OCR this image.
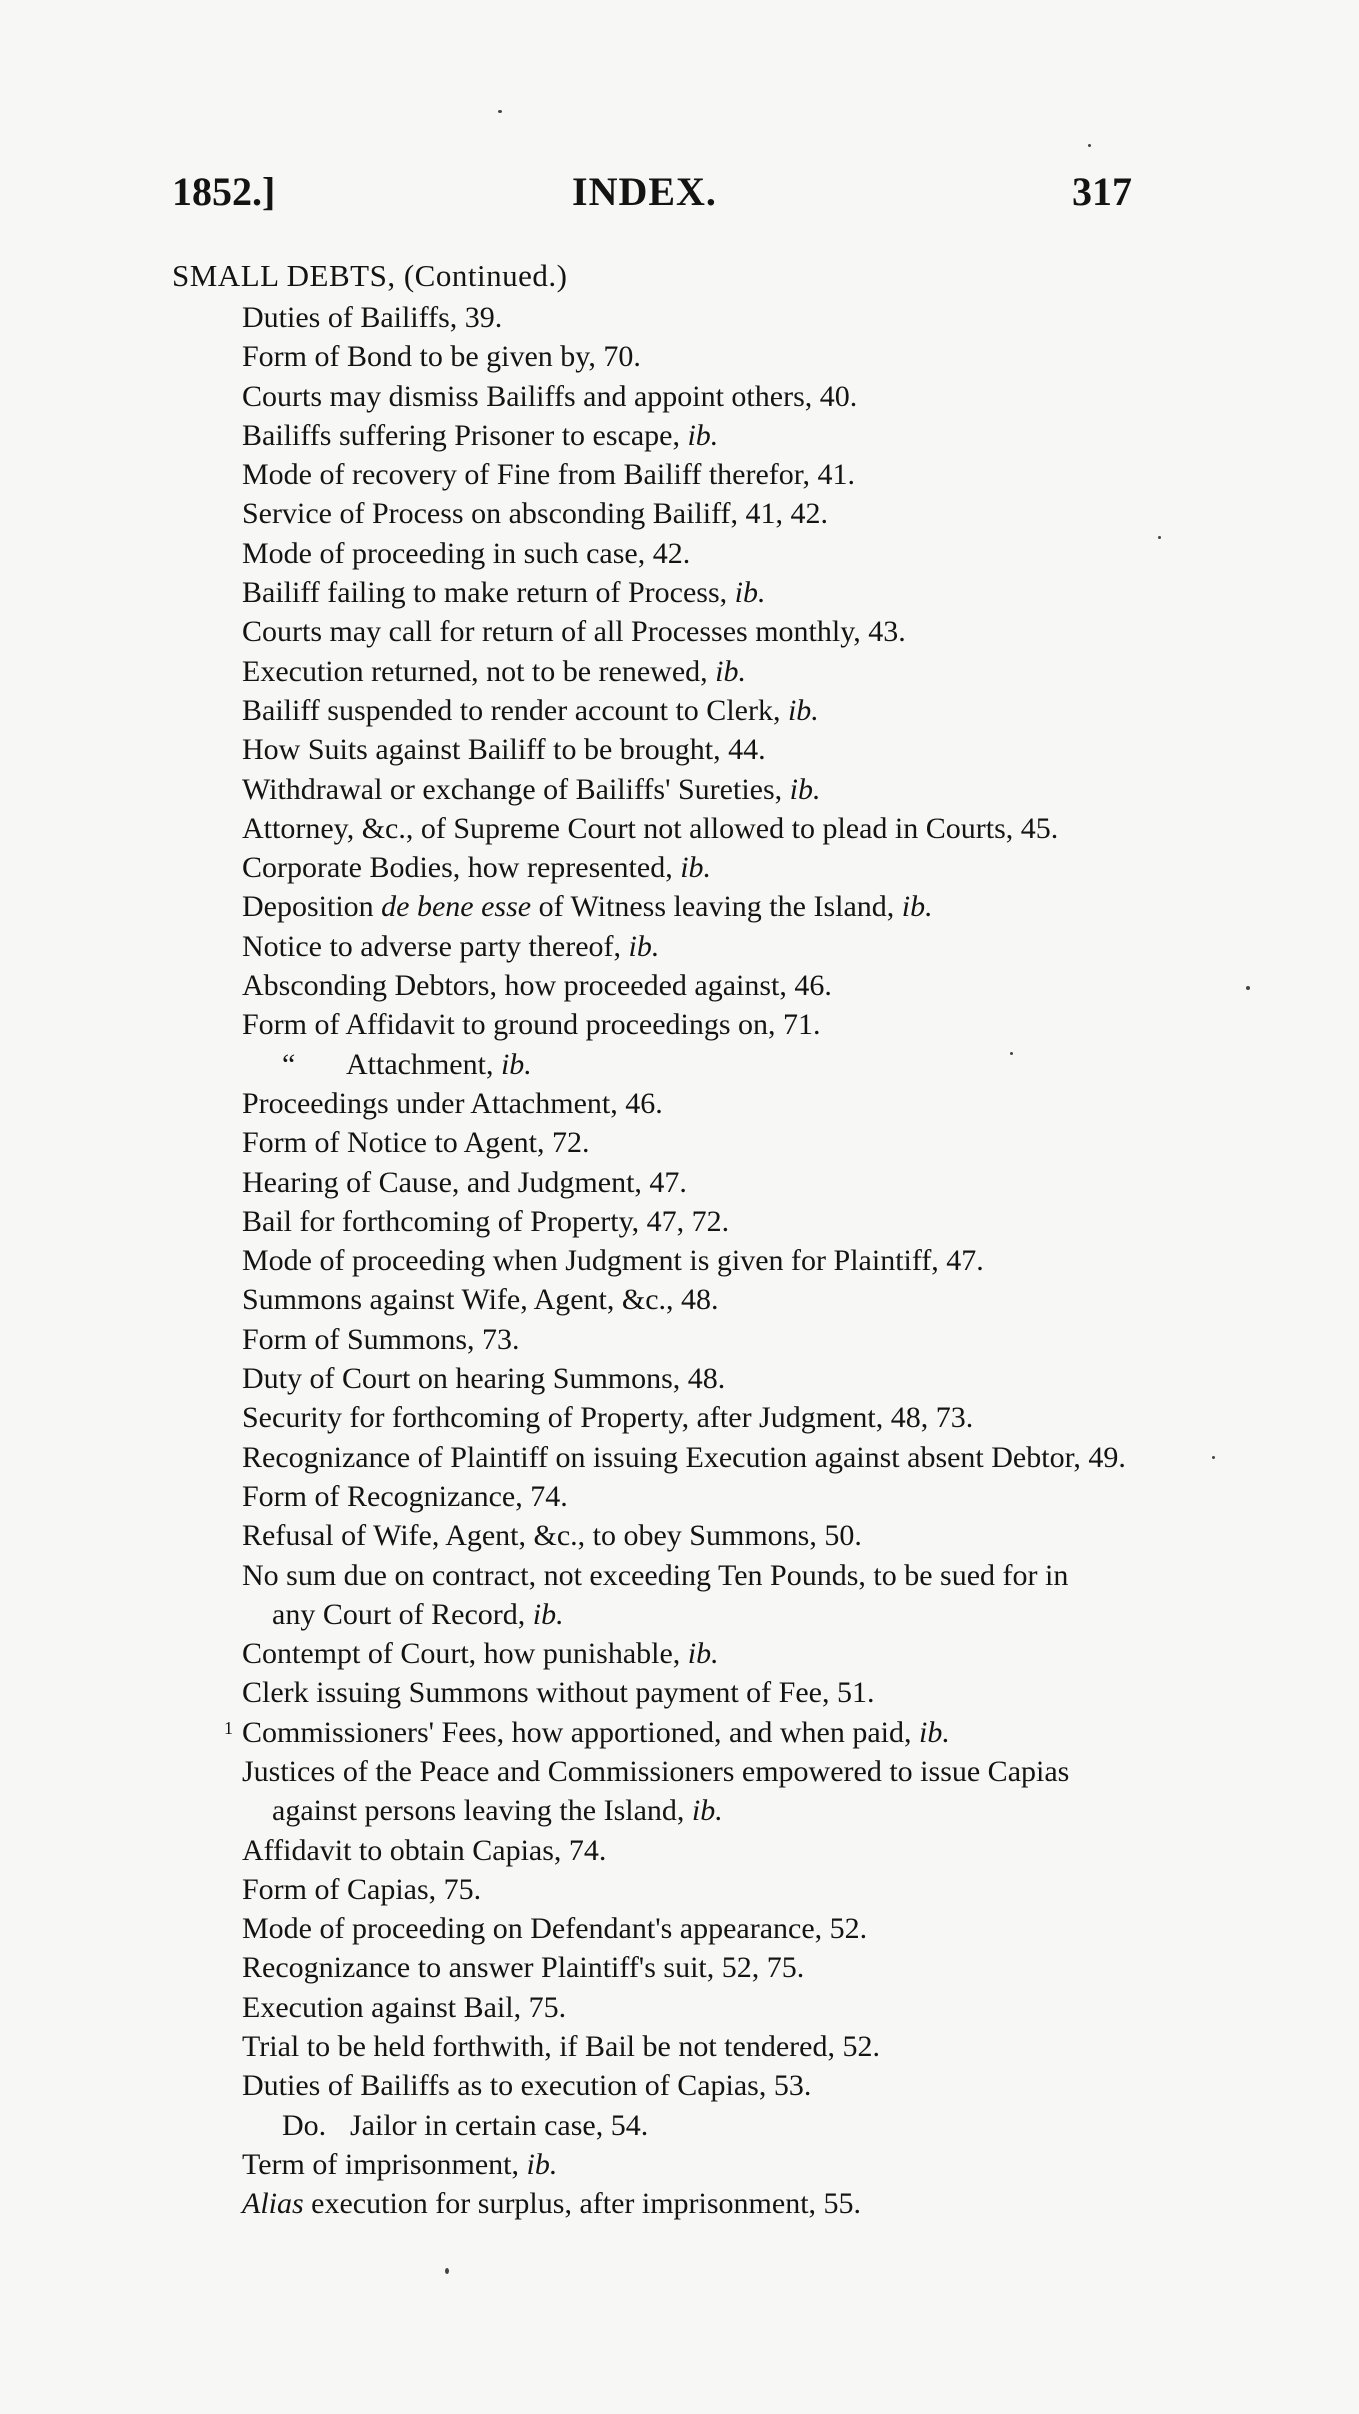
1852.]	INDEX.	317
SMALL DEBTS, (Continued.)
Duties of Bailiffs, 39.
Form of Bond to be given by, 70.
Courts may dismiss Bailiffs and appoint others, 40.
Bailiffs suffering Prisoner to escape, ib.
Mode of recovery of Fine from Bailiff therefor, 41.
Service of Process on absconding Bailiff, 41, 42.
Mode of proceeding in such case, 42.
Bailiff failing to make return of Process, ib.
Courts may call for return of all Processes monthly, 43.
Execution returned, not to be renewed, ib.
Bailiff suspended to render account to Clerk, ib.
How Suits against Bailiff to be brought, 44.
Withdrawal or exchange of Bailiffs' Sureties, ib.
Attorney, &c., of Supreme Court not allowed to plead in Courts, 45.
Corporate Bodies, how represented, ib.
Deposition de bene esse of Witness leaving the Island, ib.
Notice to adverse party thereof, ib.
Absconding Debtors, how proceeded against, 46.
Form of Affidavit to ground proceedings on, 71.
“ Attachment, ib.
Proceedings under Attachment, 46.
Form of Notice to Agent, 72.
Hearing of Cause, and Judgment, 47.
Bail for forthcoming of Property, 47, 72.
Mode of proceeding when Judgment is given for Plaintiff, 47.
Summons against Wife, Agent, &c., 48.
Form of Summons, 73.
Duty of Court on hearing Summons, 48.
Security for forthcoming of Property, after Judgment, 48, 73.
Recognizance of Plaintiff on issuing Execution against absent Debtor, 49.
Form of Recognizance, 74.
Refusal of Wife, Agent, &c., to obey Summons, 50.
No sum due on contract, not exceeding Ten Pounds, to be sued for in
any Court of Record, ib.
Contempt of Court, how punishable, ib.
Clerk issuing Summons without payment of Fee, 51.
1 Commissioners' Fees, how apportioned, and when paid, ib.
Justices of the Peace and Commissioners empowered to issue Capias
against persons leaving the Island, ib.
Affidavit to obtain Capias, 74.
Form of Capias, 75.
Mode of proceeding on Defendant's appearance, 52.
Recognizance to answer Plaintiff's suit, 52, 75.
Execution against Bail, 75.
Trial to be held forthwith, if Bail be not tendered, 52.
Duties of Bailiffs as to execution of Capias, 53.
Do. Jailor in certain case, 54.
Term of imprisonment, ib.
Alias execution for surplus, after imprisonment, 55.
